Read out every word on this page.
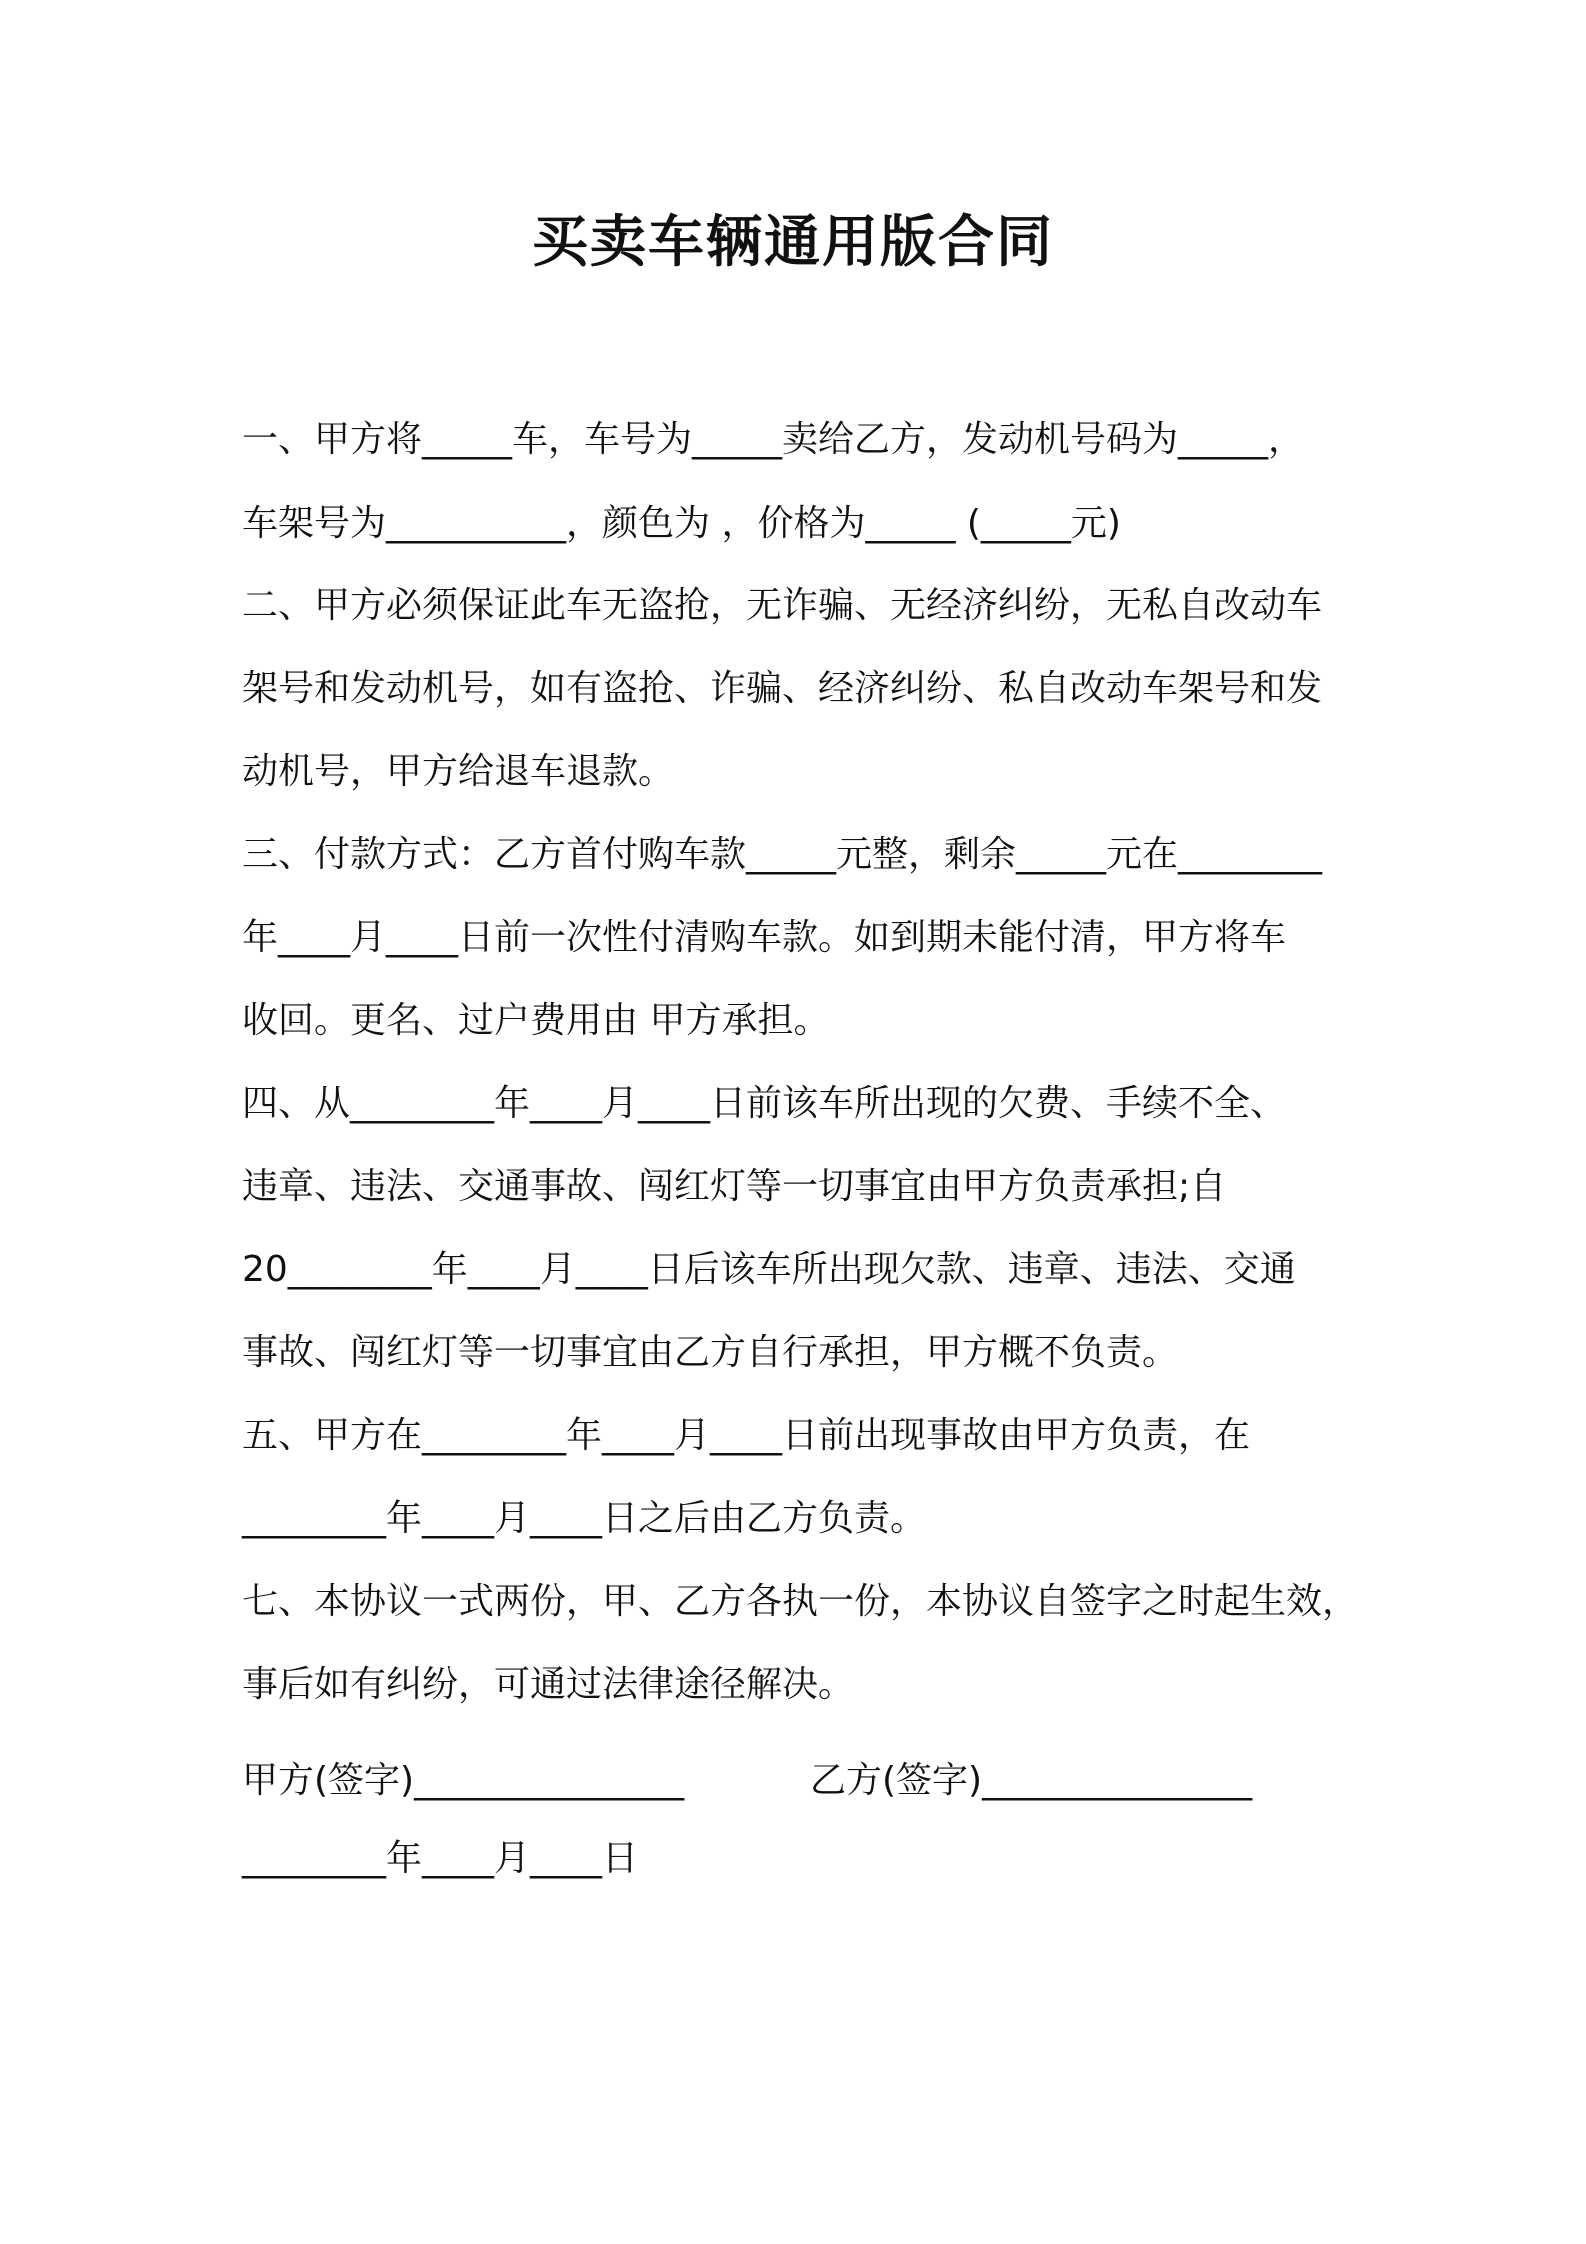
买卖车辆通用版合同
一、甲方将_____车，车号为_____卖给乙方，发动机号码为_____，
车架号为__________，颜色为 ，价格为_____ (_____元)
二、甲方必须保证此车无盗抢，无诈骗、无经济纠纷，无私自改动车
架号和发动机号，如有盗抢、诈骗、经济纠纷、私自改动车架号和发
动机号，甲方给退车退款。
三、付款方式：乙方首付购车款_____元整，剩余_____元在________
年____月____日前一次性付清购车款。如到期未能付清，甲方将车
收回。更名、过户费用由 甲方承担。
四、从________年____月____日前该车所出现的欠费、手续不全、
违章、违法、交通事故、闯红灯等一切事宜由甲方负责承担;自
20________年____月____日后该车所出现欠款、违章、违法、交通
事故、闯红灯等一切事宜由乙方自行承担，甲方概不负责。
五、甲方在________年____月____日前出现事故由甲方负责，在
________年____月____日之后由乙方负责。
七、本协议一式两份，甲、乙方各执一份，本协议自签字之时起生效，
事后如有纠纷，可通过法律途径解决。
甲方(签字)_______________	乙方(签字)_______________
________年____月____日
